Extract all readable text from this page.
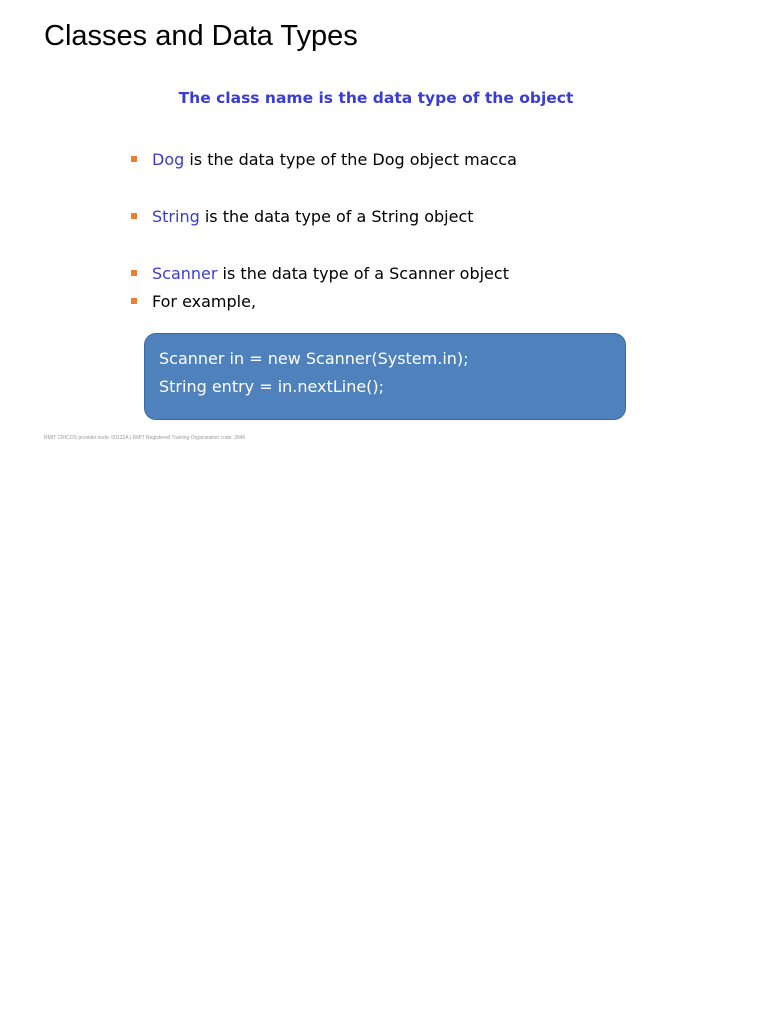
Classes and Data Types
The class name is the data type of the object
Dog is the data type of the Dog object macca
String is the data type of a String object
Scanner is the data type of a Scanner object
For example,
Scanner in = new Scanner(System.in);
String entry = in.nextLine();
RMIT CRICOS provider code: 00122A | RMIT Registered Training Organisation code: 3046
